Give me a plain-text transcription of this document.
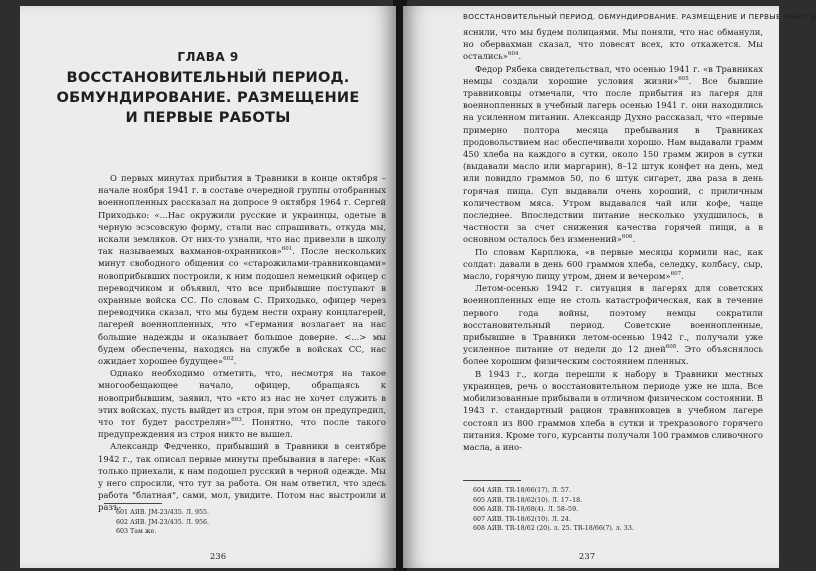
ГЛАВА 9
ВОССТАНОВИТЕЛЬНЫЙ ПЕРИОД.
ОБМУНДИРОВАНИЕ. РАЗМЕЩЕНИЕ
И ПЕРВЫЕ РАБОТЫ

О первых минутах прибытия в Травники в конце октября – начале ноября 1941 г. в составе очередной группы отобранных военнопленных рассказал на допросе 9 октября 1964 г. Сергей Приходько: «...Нас окружили русские и украинцы, одетые в черную эсэсовскую форму, стали нас спрашивать, откуда мы, искали земляков. От них-то узнали, что нас привезли в школу так называемых вахманов-охранников»$^{601}$. После нескольких минут свободного общения со «старожилами-травниковцами» новоприбывших построили, к ним подошел немецкий офицер с переводчиком и объявил, что все прибывшие поступают в охранные войска СС. По словам С. Приходько, офицер через переводчика сказал, что мы будем нести охрану концлагерей, лагерей военнопленных, что «Германия возлагает на нас большие надежды и оказывает большое доверие. <...> мы будем обеспечены, находясь на службе в войсках СС, нас ожидает хорошее будущее»$^{602}$.

Однако необходимо отметить, что, несмотря на такое многообещающее начало, офицер, обращаясь к новоприбывшим, заявил, что «кто из нас не хочет служить в этих войсках, пусть выйдет из строя, при этом он предупредил, что тот будет расстрелян»$^{603}$. Понятно, что после такого предупреждения из строя никто не вышел.

Александр Федченко, прибывший в Травники в сентябре 1942 г., так описал первые минуты пребывания в лагере: «Как только приехали, к нам подошел русский в черной одежде. Мы у него спросили, что тут за работа. Он нам ответил, что здесь работа "блатная", сами, мол, увидите. Потом нас выстроили и разъ-

601 АЯВ. JM-23/435. Л. 955.
602 АЯВ. JM-23/435. Л. 956.
603 Там же.
236
ВОССТАНОВИТЕЛЬНЫЙ ПЕРИОД. ОБМУНДИРОВАНИЕ. РАЗМЕЩЕНИЕ И ПЕРВЫЕ РАБОТЫ

яснили, что мы будем полицаями. Мы поняли, что нас обманули, но обервахман сказал, что повесят всех, кто откажется. Мы остались»$^{604}$.

Федор Рябека свидетельствал, что осенью 1941 г. «в Травниках немцы создали хорошие условия жизни»$^{605}$. Все бывшие травниковцы отмечали, что после прибытия из лагеря для военнопленных в учебный лагерь осенью 1941 г. они находились на усиленном питании. Александр Духно рассказал, что «первые примерно полтора месяца пребывания в Травниках продовольствием нас обеспечивали хорошо. Нам выдавали грамм 450 хлеба на каждого в сутки, около 150 грамм жиров в сутки (выдавали масло или маргарин), 8–12 штук конфет на день, мед или повидло граммов 50, по 6 штук сигарет, два раза в день горячая пища. Суп выдавали очень хороший, с приличным количеством мяса. Утром выдавался чай или кофе, чаще последнее. Впоследствии питание несколько ухудшилось, в частности за счет снижения качества горячей пищи, а в основном осталось без изменений»$^{606}$.

По словам Карплюка, «в первые месяцы кормили нас, как солдат: давали в день 600 граммов хлеба, селедку, колбасу, сыр, масло, горячую пищу утром, днем и вечером»$^{607}$.

Летом-осенью 1942 г. ситуация в лагерях для советских военнопленных еще не столь катастрофическая, как в течение первого года войны, поэтому немцы сократили восстановительный период. Советские военнопленные, прибывшие в Травники летом-осенью 1942 г., получали уже усиленное питание от недели до 12 дней$^{608}$. Это объяснялось более хорошим физическим состоянием пленных.

В 1943 г., когда перешли к набору в Травники местных украинцев, речь о восстановительном периоде уже не шла. Все мобилизованные прибывали в отличном физическом состоянии. В 1943 г. стандартный рацион травниковцев в учебном лагере состоял из 800 граммов хлеба в сутки и трехразового горячего питания. Кроме того, курсанты получали 100 граммов сливочного масла, а ино-

604 АЯВ. TR-18/66(17). Л. 57.
605 АЯВ. TR-18/62(10). Л. 17–18.
606 АЯВ. TR-18/68(4). Л. 58–59.
607 АЯВ. TR-18/62(10). Л. 24.
608 АЯВ. TR-18/62 (20). л. 25. TR-18/66(7). л. 33.
237
